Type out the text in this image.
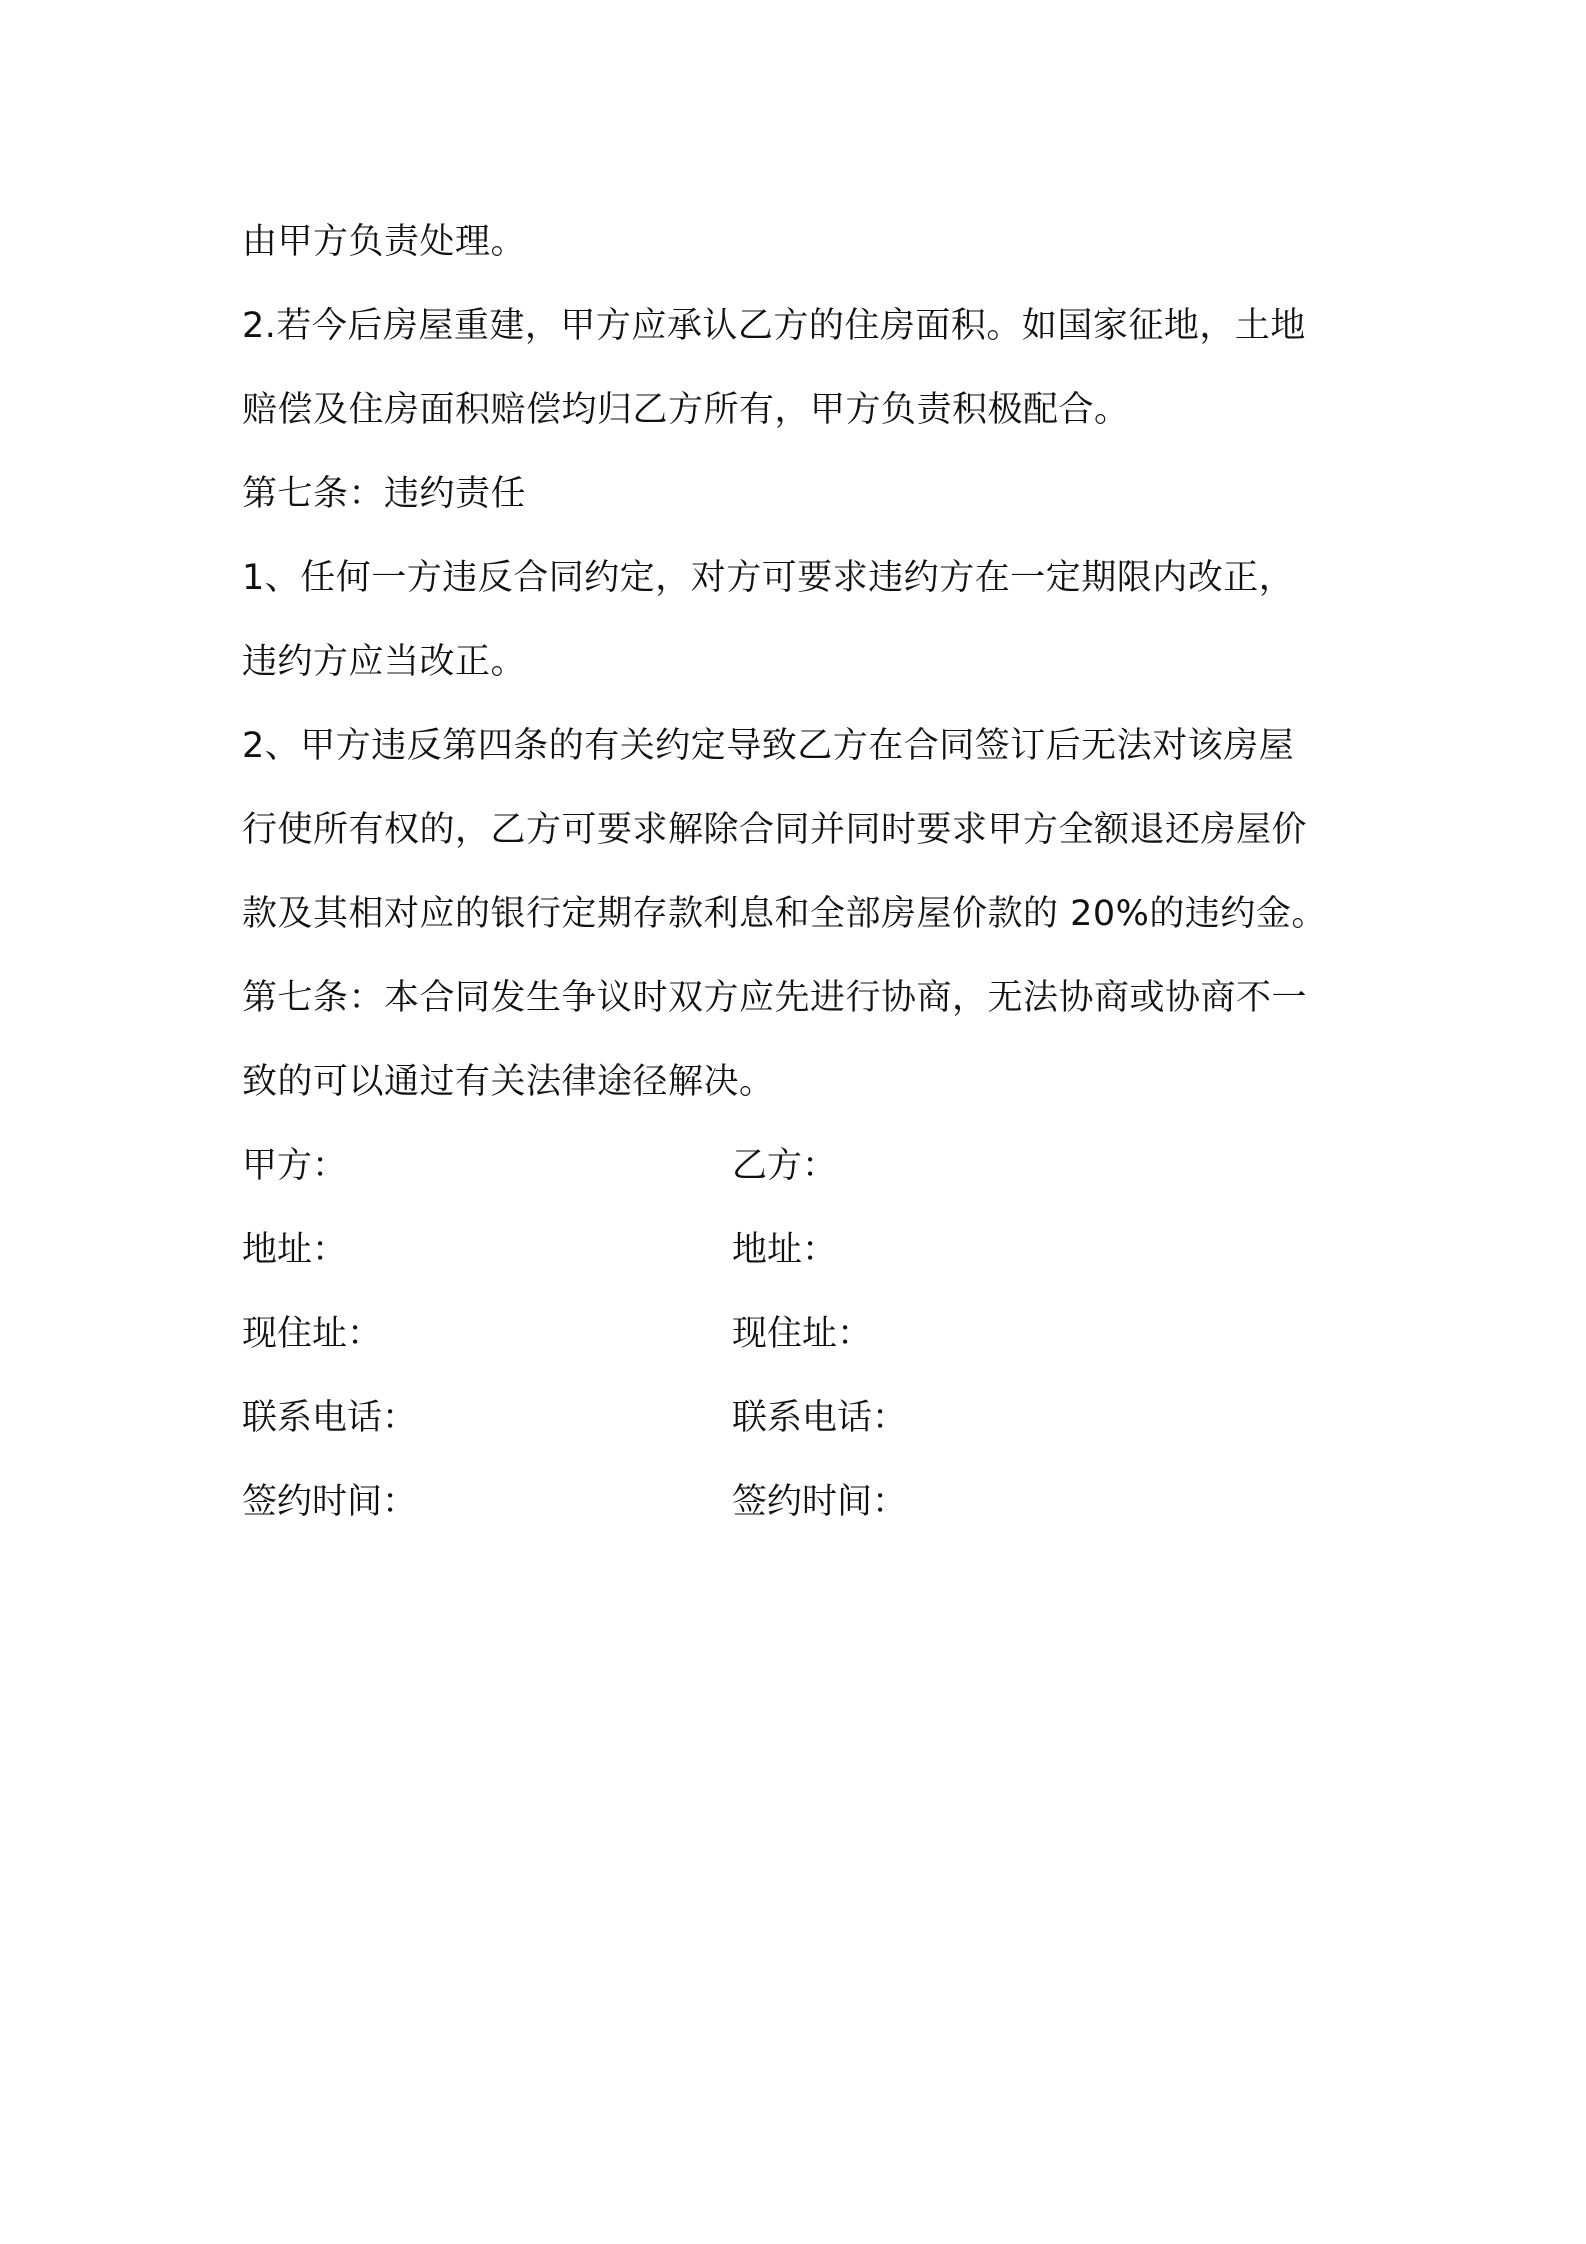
由甲方负责处理。
2.若今后房屋重建，甲方应承认乙方的住房面积。如国家征地，土地
赔偿及住房面积赔偿均归乙方所有，甲方负责积极配合。
第七条：违约责任
1、任何一方违反合同约定，对方可要求违约方在一定期限内改正，
违约方应当改正。
2、甲方违反第四条的有关约定导致乙方在合同签订后无法对该房屋
行使所有权的，乙方可要求解除合同并同时要求甲方全额退还房屋价
款及其相对应的银行定期存款利息和全部房屋价款的 20%的违约金。
第七条：本合同发生争议时双方应先进行协商，无法协商或协商不一
致的可以通过有关法律途径解决。
甲方：	乙方：
地址：	地址：
现住址：	现住址：
联系电话：	联系电话：
签约时间：	签约时间：
